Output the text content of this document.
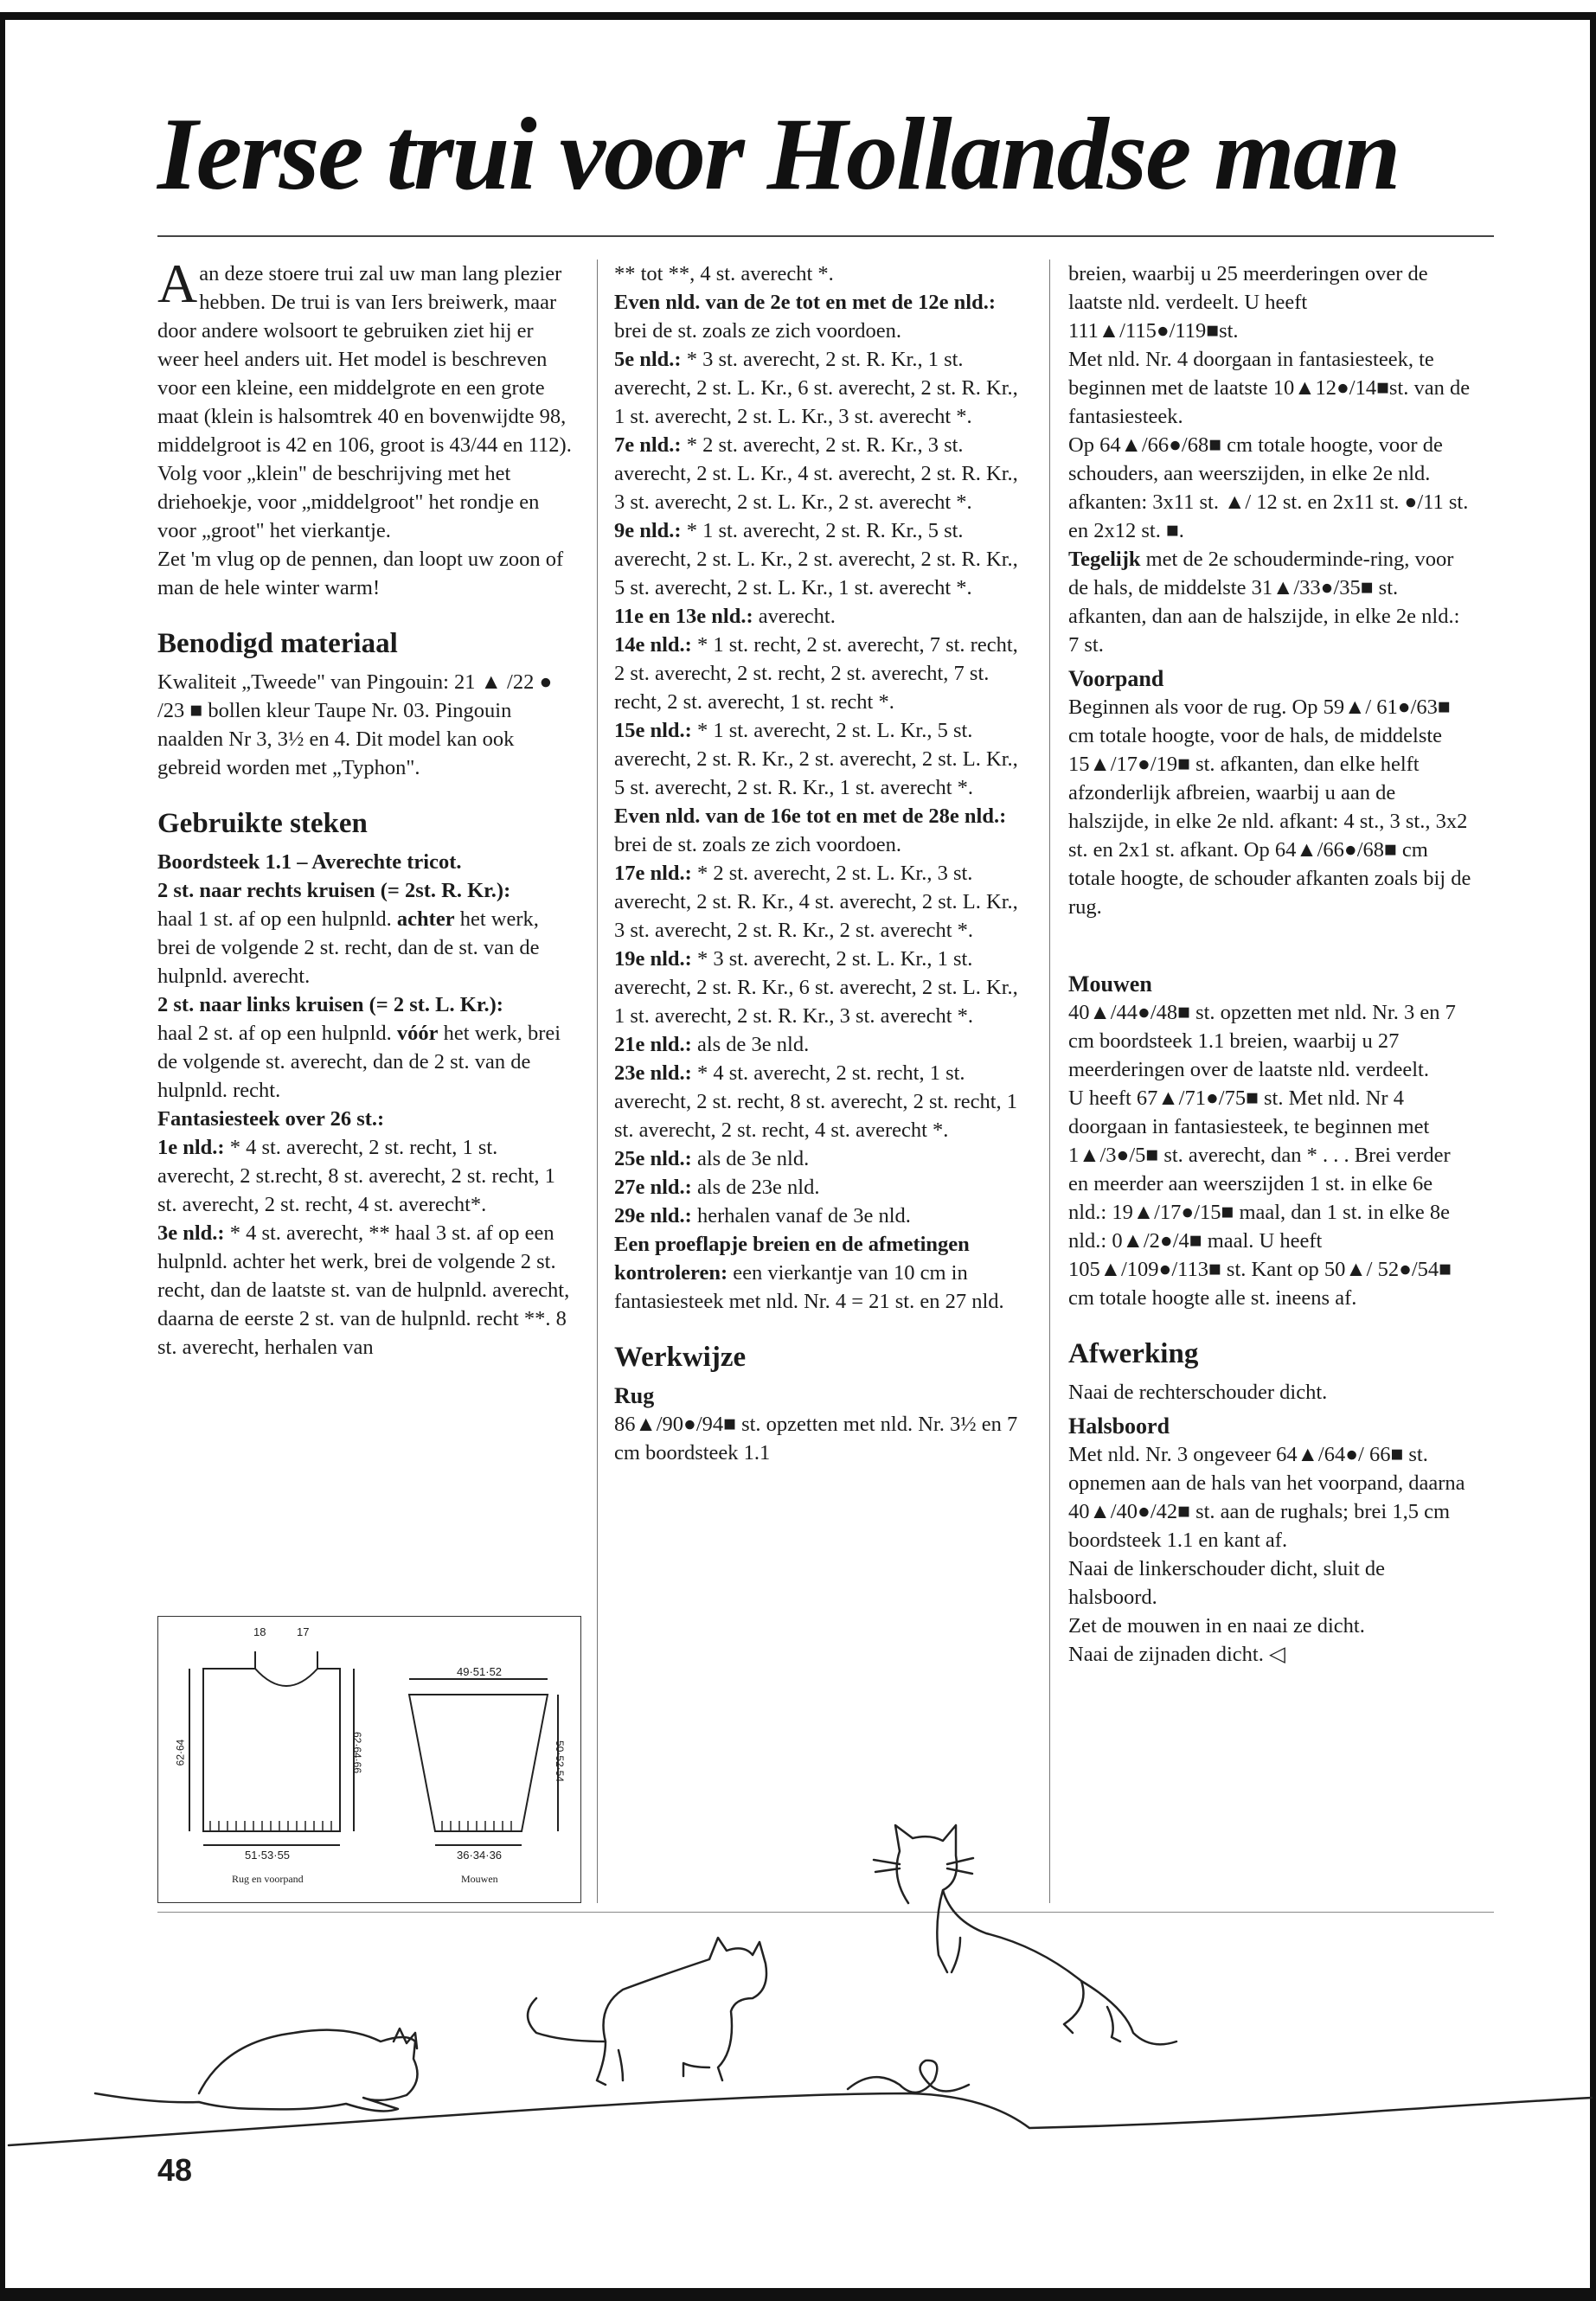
Ierse trui voor Hollandse man

Aan deze stoere trui zal uw man lang plezier hebben. De trui is van Iers breiwerk, maar door andere wolsoort te gebruiken ziet hij er weer heel anders uit. Het model is beschreven voor een kleine, een middelgrote en een grote maat (klein is halsomtrek 40 en bovenwijdte 98, middelgroot is 42 en 106, groot is 43/44 en 112). Volg voor „klein" de beschrijving met het driehoekje, voor „middelgroot" het rondje en voor „groot" het vierkantje.

Zet 'm vlug op de pennen, dan loopt uw zoon of man de hele winter warm!

Benodigd materiaal

Kwaliteit „Tweede" van Pingouin: 21 ▲ /22 ● /23 ■ bollen kleur Taupe Nr. 03. Pingouin naalden Nr 3, 3½ en 4. Dit model kan ook gebreid worden met „Typhon".

Gebruikte steken

Boordsteek 1.1 – Averechte tricot.

2 st. naar rechts kruisen (= 2st. R. Kr.):

haal 1 st. af op een hulpnld. achter het werk, brei de volgende 2 st. recht, dan de st. van de hulpnld. averecht.

2 st. naar links kruisen (= 2 st. L. Kr.):

haal 2 st. af op een hulpnld. vóór het werk, brei de volgende st. averecht, dan de 2 st. van de hulpnld. recht.

Fantasiesteek over 26 st.:

1e nld.: * 4 st. averecht, 2 st. recht, 1 st. averecht, 2 st.recht, 8 st. averecht, 2 st. recht, 1 st. averecht, 2 st. recht, 4 st. averecht*.

3e nld.: * 4 st. averecht, ** haal 3 st. af op een hulpnld. achter het werk, brei de volgende 2 st. recht, dan de laatste st. van de hulpnld. averecht, daarna de eerste 2 st. van de hulpnld. recht **. 8 st. averecht, herhalen van

** tot **, 4 st. averecht *.

Even nld. van de 2e tot en met de 12e nld.:

brei de st. zoals ze zich voordoen.

5e nld.: * 3 st. averecht, 2 st. R. Kr., 1 st. averecht, 2 st. L. Kr., 6 st. averecht, 2 st. R. Kr., 1 st. averecht, 2 st. L. Kr., 3 st. averecht *.

7e nld.: * 2 st. averecht, 2 st. R. Kr., 3 st. averecht, 2 st. L. Kr., 4 st. averecht, 2 st. R. Kr., 3 st. averecht, 2 st. L. Kr., 2 st. averecht *.

9e nld.: * 1 st. averecht, 2 st. R. Kr., 5 st. averecht, 2 st. L. Kr., 2 st. averecht, 2 st. R. Kr., 5 st. averecht, 2 st. L. Kr., 1 st. averecht *.

11e en 13e nld.: averecht.

14e nld.: * 1 st. recht, 2 st. averecht, 7 st. recht, 2 st. averecht, 2 st. recht, 2 st. averecht, 7 st. recht, 2 st. averecht, 1 st. recht *.

15e nld.: * 1 st. averecht, 2 st. L. Kr., 5 st. averecht, 2 st. R. Kr., 2 st. averecht, 2 st. L. Kr., 5 st. averecht, 2 st. R. Kr., 1 st. averecht *.

Even nld. van de 16e tot en met de 28e nld.: brei de st. zoals ze zich voordoen.

17e nld.: * 2 st. averecht, 2 st. L. Kr., 3 st. averecht, 2 st. R. Kr., 4 st. averecht, 2 st. L. Kr., 3 st. averecht, 2 st. R. Kr., 2 st. averecht *.

19e nld.: * 3 st. averecht, 2 st. L. Kr., 1 st. averecht, 2 st. R. Kr., 6 st. averecht, 2 st. L. Kr., 1 st. averecht, 2 st. R. Kr., 3 st. averecht *.

21e nld.: als de 3e nld.

23e nld.: * 4 st. averecht, 2 st. recht, 1 st. averecht, 2 st. recht, 8 st. averecht, 2 st. recht, 1 st. averecht, 2 st. recht, 4 st. averecht *.

25e nld.: als de 3e nld.

27e nld.: als de 23e nld.

29e nld.: herhalen vanaf de 3e nld.

Een proeflapje breien en de afmetingen kontroleren: een vierkantje van 10 cm in fantasiesteek met nld. Nr. 4 = 21 st. en 27 nld.

Werkwijze
Rug

86▲/90●/94■ st. opzetten met nld. Nr. 3½ en 7 cm boordsteek 1.1

breien, waarbij u 25 meerderingen over de laatste nld. verdeelt. U heeft 111▲/115●/119■st.

Met nld. Nr. 4 doorgaan in fantasiesteek, te beginnen met de laatste 10▲12●/14■st. van de fantasiesteek.

Op 64▲/66●/68■ cm totale hoogte, voor de schouders, aan weerszijden, in elke 2e nld. afkanten: 3x11 st. ▲/ 12 st. en 2x11 st. ●/11 st. en 2x12 st. ■.

Tegelijk met de 2e schouderminde-ring, voor de hals, de middelste 31▲/33●/35■ st. afkanten, dan aan de halszijde, in elke 2e nld.: 7 st.

Voorpand

Beginnen als voor de rug. Op 59▲/ 61●/63■ cm totale hoogte, voor de hals, de middelste 15▲/17●/19■ st. afkanten, dan elke helft afzonderlijk afbreien, waarbij u aan de halszijde, in elke 2e nld. afkant: 4 st., 3 st., 3x2 st. en 2x1 st. afkant. Op 64▲/66●/68■ cm totale hoogte, de schouder afkanten zoals bij de rug.

Mouwen

40▲/44●/48■ st. opzetten met nld. Nr. 3 en 7 cm boordsteek 1.1 breien, waarbij u 27 meerderingen over de laatste nld. verdeelt.

U heeft 67▲/71●/75■ st. Met nld. Nr 4 doorgaan in fantasiesteek, te beginnen met 1▲/3●/5■ st. averecht, dan * . . . Brei verder en meerder aan weerszijden 1 st. in elke 6e nld.: 19▲/17●/15■ maal, dan 1 st. in elke 8e nld.: 0▲/2●/4■ maal. U heeft 105▲/109●/113■ st. Kant op 50▲/ 52●/54■ cm totale hoogte alle st. ineens af.

Afwerking

Naai de rechterschouder dicht.

Halsboord

Met nld. Nr. 3 ongeveer 64▲/64●/ 66■ st. opnemen aan de hals van het voorpand, daarna 40▲/40●/42■ st. aan de rughals; brei 1,5 cm boordsteek 1.1 en kant af.

Naai de linkerschouder dicht, sluit de halsboord.

Zet de mouwen in en naai ze dicht.

Naai de zijnaden dicht. ◁

18	17
51·53·55
62·64	62·64·66
Rug en voorpand
49·51·52
50·52·54
36·34·36
Mouwen
48
